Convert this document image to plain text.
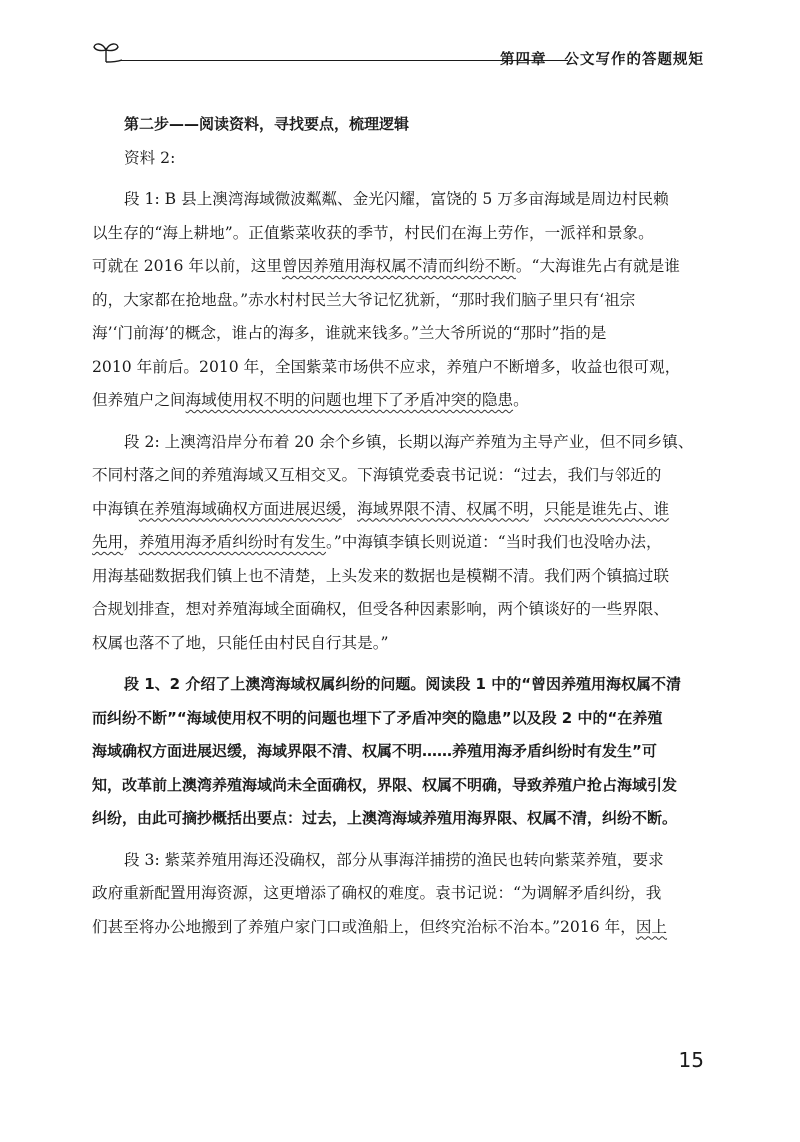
第四章 公文写作的答题规矩
第二步——阅读资料，寻找要点，梳理逻辑
资料 2:
段 1: B 县上澳湾海域微波粼粼、金光闪耀，富饶的 5 万多亩海域是周边村民赖
以生存的“海上耕地”。正值紫菜收获的季节，村民们在海上劳作，一派祥和景象。
可就在 2016 年以前，这里曾因养殖用海权属不清而纠纷不断。“大海谁先占有就是谁
的，大家都在抢地盘。”赤水村村民兰大爷记忆犹新，“那时我们脑子里只有‘祖宗
海’‘门前海’的概念，谁占的海多，谁就来钱多。”兰大爷所说的“那时”指的是
2010 年前后。2010 年，全国紫菜市场供不应求，养殖户不断增多，收益也很可观，
但养殖户之间海域使用权不明的问题也埋下了矛盾冲突的隐患。
段 2: 上澳湾沿岸分布着 20 余个乡镇，长期以海产养殖为主导产业，但不同乡镇、
不同村落之间的养殖海域又互相交叉。下海镇党委袁书记说：“过去，我们与邻近的
中海镇在养殖海域确权方面进展迟缓，海域界限不清、权属不明，只能是谁先占、谁
先用，养殖用海矛盾纠纷时有发生。”中海镇李镇长则说道：“当时我们也没啥办法，
用海基础数据我们镇上也不清楚，上头发来的数据也是模糊不清。我们两个镇搞过联
合规划排查，想对养殖海域全面确权，但受各种因素影响，两个镇谈好的一些界限、
权属也落不了地，只能任由村民自行其是。”
段 1、2 介绍了上澳湾海域权属纠纷的问题。阅读段 1 中的“曾因养殖用海权属不清
而纠纷不断”“海域使用权不明的问题也埋下了矛盾冲突的隐患”以及段 2 中的“在养殖
海域确权方面进展迟缓，海域界限不清、权属不明……养殖用海矛盾纠纷时有发生”可
知，改革前上澳湾养殖海域尚未全面确权，界限、权属不明确，导致养殖户抢占海域引发
纠纷，由此可摘抄概括出要点：过去，上澳湾海域养殖用海界限、权属不清，纠纷不断。
段 3: 紫菜养殖用海还没确权，部分从事海洋捕捞的渔民也转向紫菜养殖，要求
政府重新配置用海资源，这更增添了确权的难度。袁书记说：“为调解矛盾纠纷，我
们甚至将办公地搬到了养殖户家门口或渔船上，但终究治标不治本。”2016 年，因上
15
